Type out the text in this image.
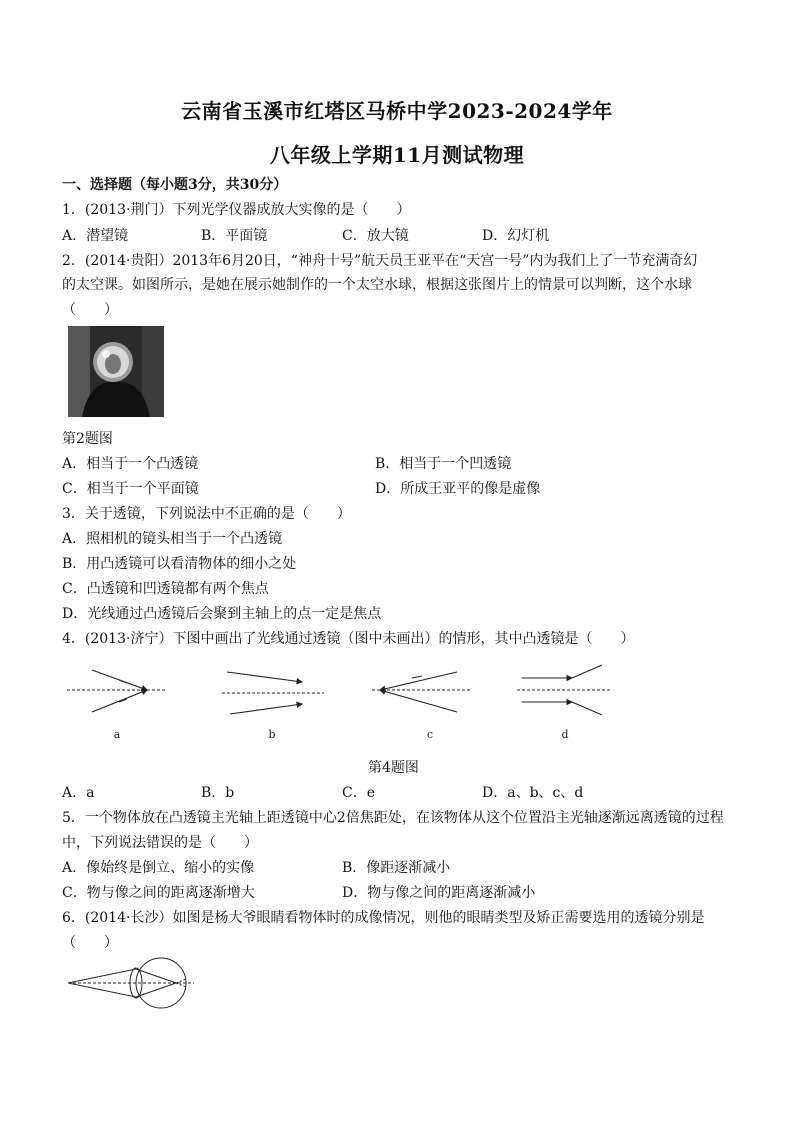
云南省玉溪市红塔区马桥中学2023-2024学年
八年级上学期11月测试物理
一、选择题（每小题3分，共30分）
1．(2013·荆门）下列光学仪器成放大实像的是（　　）
A．潜望镜	B．平面镜	C．放大镜	D．幻灯机
2．(2014·贵阳）2013年6月20日，“神舟十号”航天员王亚平在“天宫一号”内为我们上了一节充满奇幻
的太空课。如图所示，是她在展示她制作的一个太空水球，根据这张图片上的情景可以判断，这个水球
（　　）
第2题图
A．相当于一个凸透镜	B．相当于一个凹透镜
C．相当于一个平面镜	D．所成王亚平的像是虚像
3．关于透镜，下列说法中不正确的是（　　）
A．照相机的镜头相当于一个凸透镜
B．用凸透镜可以看清物体的细小之处
C．凸透镜和凹透镜都有两个焦点
D．光线通过凸透镜后会聚到主轴上的点一定是焦点
4．(2013·济宁）下图中画出了光线通过透镜（图中未画出）的情形，其中凸透镜是（　　）
a	b	c	d
第4题图
A．a	B．b	C．e	D．a、b、c、d
5．一个物体放在凸透镜主光轴上距透镜中心2倍焦距处，在该物体从这个位置沿主光轴逐渐远离透镜的过程
中，下列说法错误的是（　　）
A．像始终是倒立、缩小的实像	B．像距逐渐减小
C．物与像之间的距离逐渐增大	D．物与像之间的距离逐渐减小
6．(2014·长沙）如图是杨大爷眼睛看物体时的成像情况，则他的眼睛类型及矫正需要选用的透镜分别是
（　　）
